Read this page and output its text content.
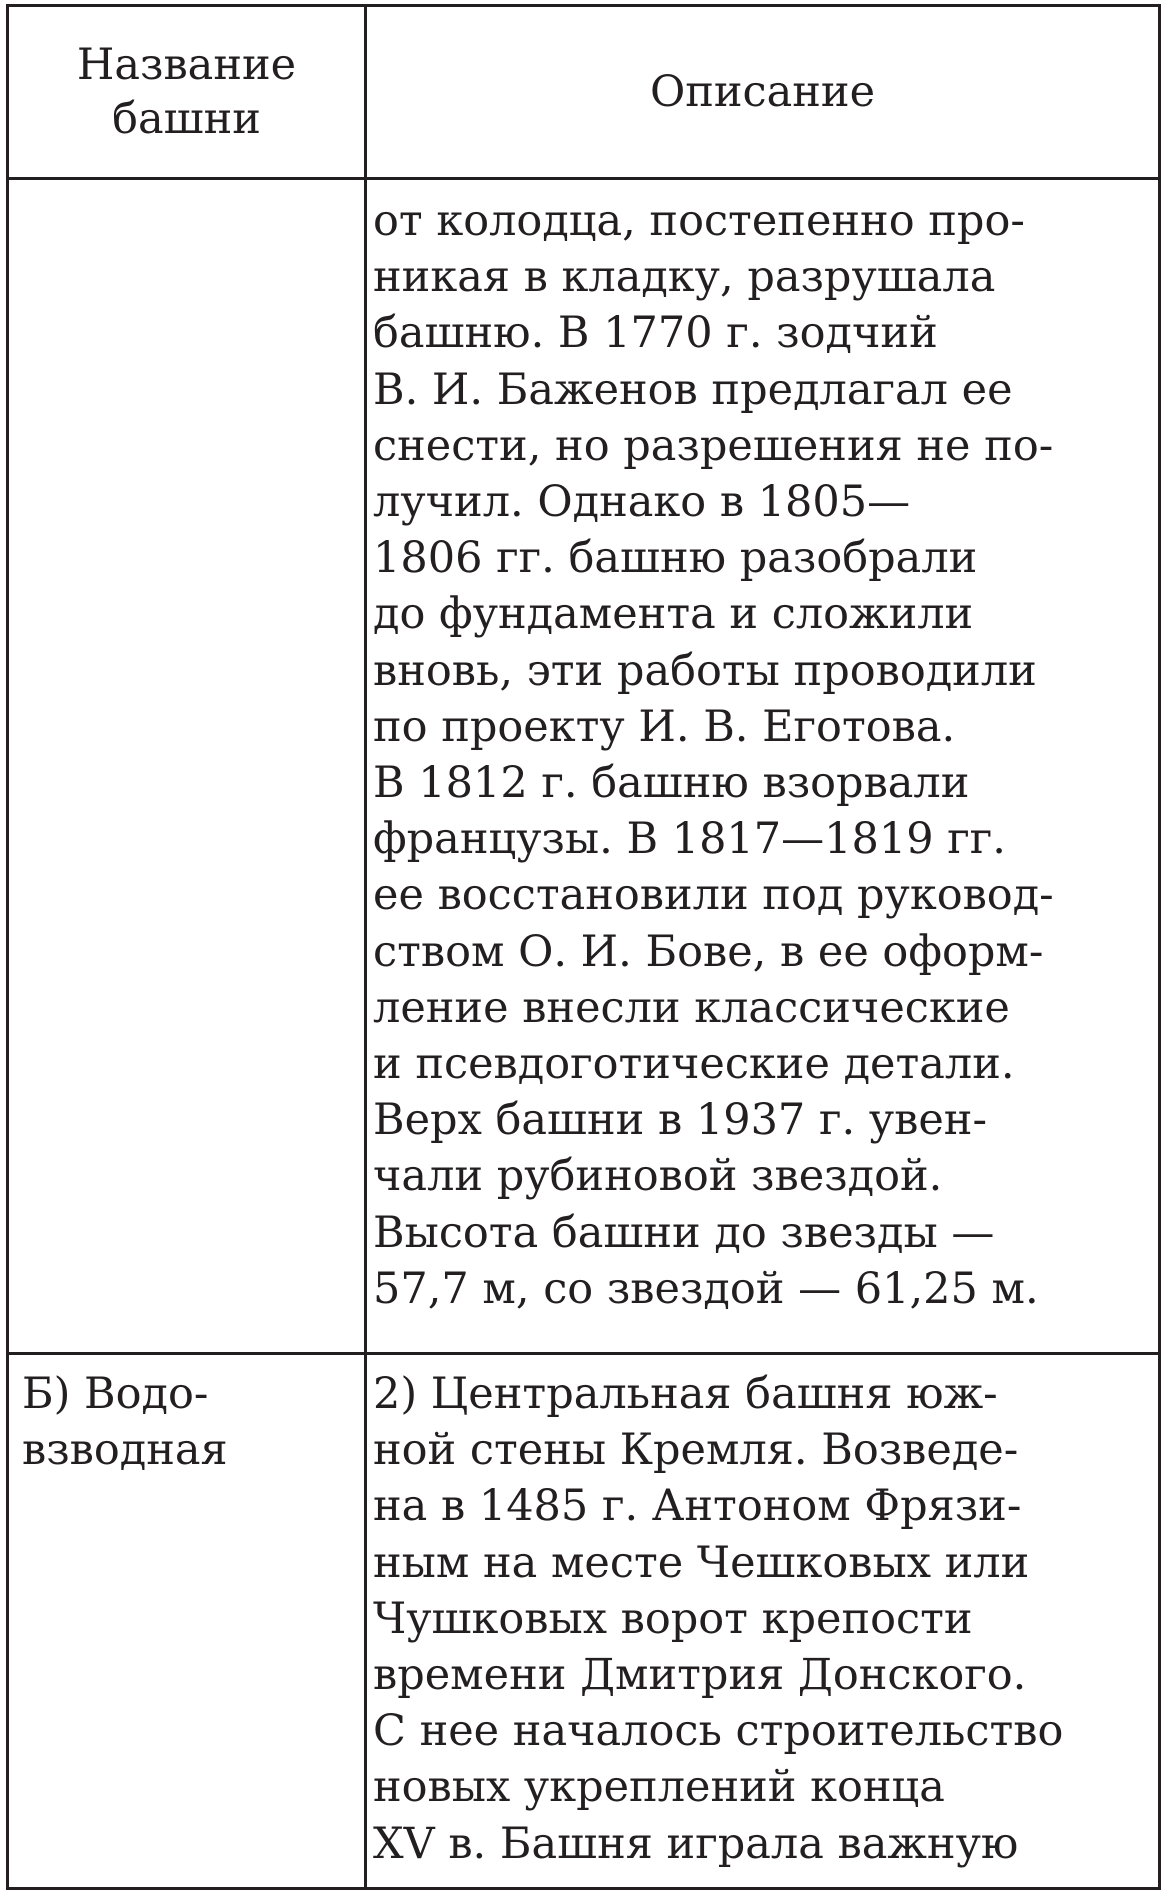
Название
башни
Описание
от колодца, постепенно про-
никая в кладку, разрушала
башню. В 1770 г. зодчий
В. И. Баженов предлагал ее
снести, но разрешения не по-
лучил. Однако в 1805—
1806 гг. башню разобрали
до фундамента и сложили
вновь, эти работы проводили
по проекту И. В. Еготова.
В 1812 г. башню взорвали
французы. В 1817—1819 гг.
ее восстановили под руковод-
ством О. И. Бове, в ее оформ-
ление внесли классические
и псевдоготические детали.
Верх башни в 1937 г. увен-
чали рубиновой звездой.
Высота башни до звезды —
57,7 м, со звездой — 61,25 м.
Б) Водо-
взводная
2) Центральная башня юж-
ной стены Кремля. Возведе-
на в 1485 г. Антоном Фрязи-
ным на месте Чешковых или
Чушковых ворот крепости
времени Дмитрия Донского.
С нее началось строительство
новых укреплений конца
XV в. Башня играла важную
